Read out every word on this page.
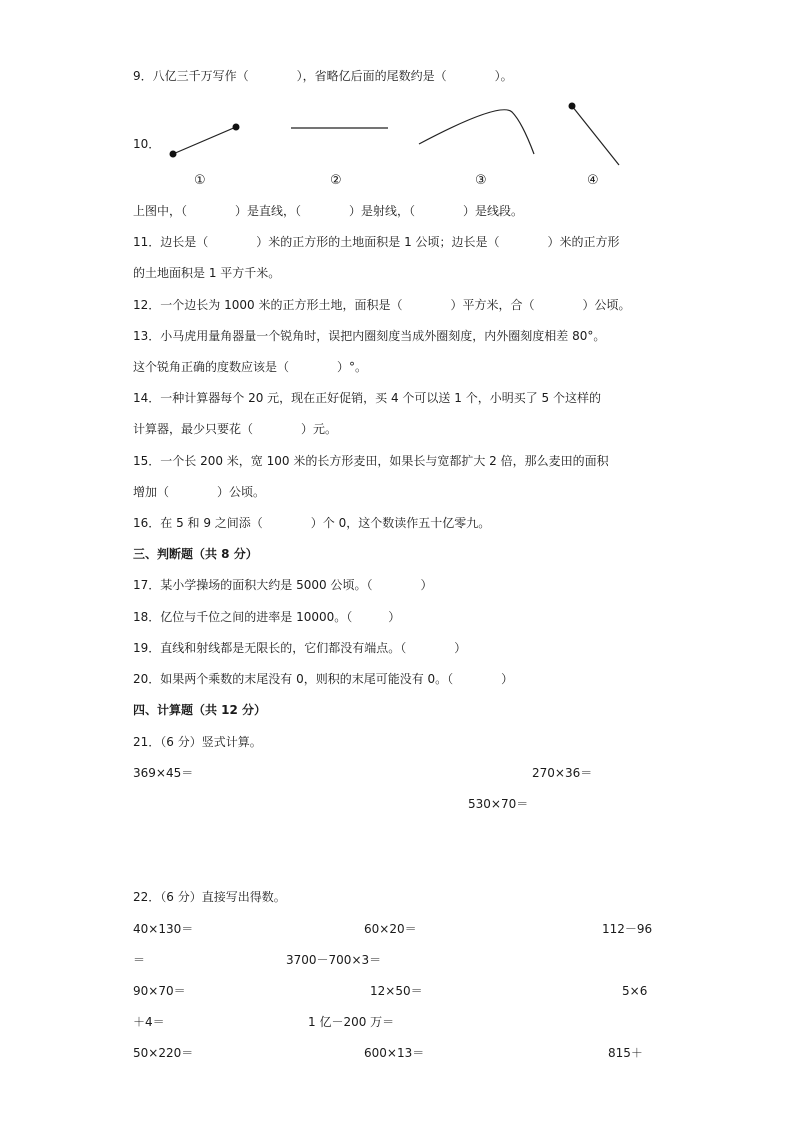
9．八亿三千万写作（　　　　），省略亿后面的尾数约是（　　　　）。
10．
①	②	③	④
上图中，（　　　　）是直线，（　　　　）是射线，（　　　　）是线段。
11．边长是（　　　　）米的正方形的土地面积是 1 公顷；边长是（　　　　）米的正方形
的土地面积是 1 平方千米。
12．一个边长为 1000 米的正方形土地，面积是（　　　　）平方米，合（　　　　）公顷。
13．小马虎用量角器量一个锐角时，误把内圈刻度当成外圈刻度，内外圈刻度相差 80°。
这个锐角正确的度数应该是（　　　　）°。
14．一种计算器每个 20 元，现在正好促销，买 4 个可以送 1 个，小明买了 5 个这样的
计算器，最少只要花（　　　　）元。
15．一个长 200 米，宽 100 米的长方形麦田，如果长与宽都扩大 2 倍，那么麦田的面积
增加（　　　　）公顷。
16．在 5 和 9 之间添（　　　　）个 0，这个数读作五十亿零九。
三、判断题（共 8 分）
17．某小学操场的面积大约是 5000 公顷。（　　　　）
18．亿位与千位之间的进率是 10000。（　　　）
19．直线和射线都是无限长的，它们都没有端点。（　　　　）
20．如果两个乘数的末尾没有 0，则积的末尾可能没有 0。（　　　　）
四、计算题（共 12 分）
21．（6 分）竖式计算。
369×45＝	270×36＝
530×70＝
22．（6 分）直接写出得数。
40×130＝	60×20＝	112－96
＝	3700－700×3＝
90×70＝	12×50＝	5×6
＋4＝	1 亿－200 万＝
50×220＝	600×13＝	815＋
